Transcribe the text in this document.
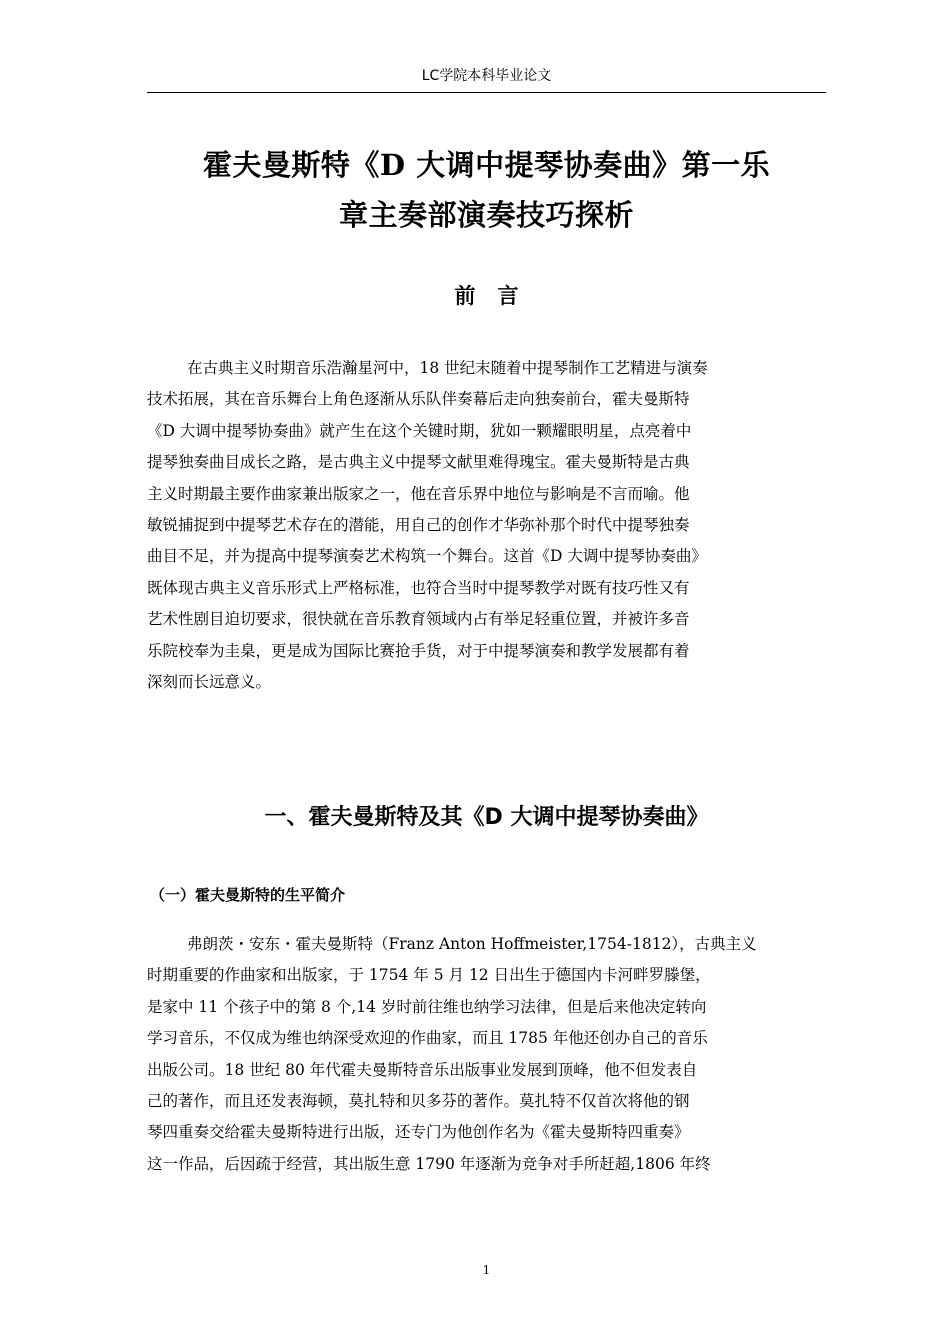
LC学院本科毕业论文
霍夫曼斯特《D 大调中提琴协奏曲》第一乐
章主奏部演奏技巧探析
前言
在古典主义时期音乐浩瀚星河中，18 世纪末随着中提琴制作工艺精进与演奏
技术拓展，其在音乐舞台上角色逐渐从乐队伴奏幕后走向独奏前台，霍夫曼斯特
《D 大调中提琴协奏曲》就产生在这个关键时期，犹如一颗耀眼明星，点亮着中
提琴独奏曲目成长之路，是古典主义中提琴文献里难得瑰宝。霍夫曼斯特是古典
主义时期最主要作曲家兼出版家之一，他在音乐界中地位与影响是不言而喻。他
敏锐捕捉到中提琴艺术存在的潜能，用自己的创作才华弥补那个时代中提琴独奏
曲目不足，并为提高中提琴演奏艺术构筑一个舞台。这首《D 大调中提琴协奏曲》
既体现古典主义音乐形式上严格标准，也符合当时中提琴教学对既有技巧性又有
艺术性剧目迫切要求，很快就在音乐教育领域内占有举足轻重位置，并被许多音
乐院校奉为圭臬，更是成为国际比赛抢手货，对于中提琴演奏和教学发展都有着
深刻而长远意义。
一、霍夫曼斯特及其《D 大调中提琴协奏曲》
（一）霍夫曼斯特的生平简介
弗朗茨・安东・霍夫曼斯特（Franz Anton Hoffmeister,1754-1812），古典主义
时期重要的作曲家和出版家，于 1754 年 5 月 12 日出生于德国内卡河畔罗滕堡，
是家中 11 个孩子中的第 8 个,14 岁时前往维也纳学习法律，但是后来他决定转向
学习音乐，不仅成为维也纳深受欢迎的作曲家，而且 1785 年他还创办自己的音乐
出版公司。18 世纪 80 年代霍夫曼斯特音乐出版事业发展到顶峰，他不但发表自
己的著作，而且还发表海顿，莫扎特和贝多芬的著作。莫扎特不仅首次将他的钢
琴四重奏交给霍夫曼斯特进行出版，还专门为他创作名为《霍夫曼斯特四重奏》
这一作品，后因疏于经营，其出版生意 1790 年逐渐为竞争对手所赶超,1806 年终
1
